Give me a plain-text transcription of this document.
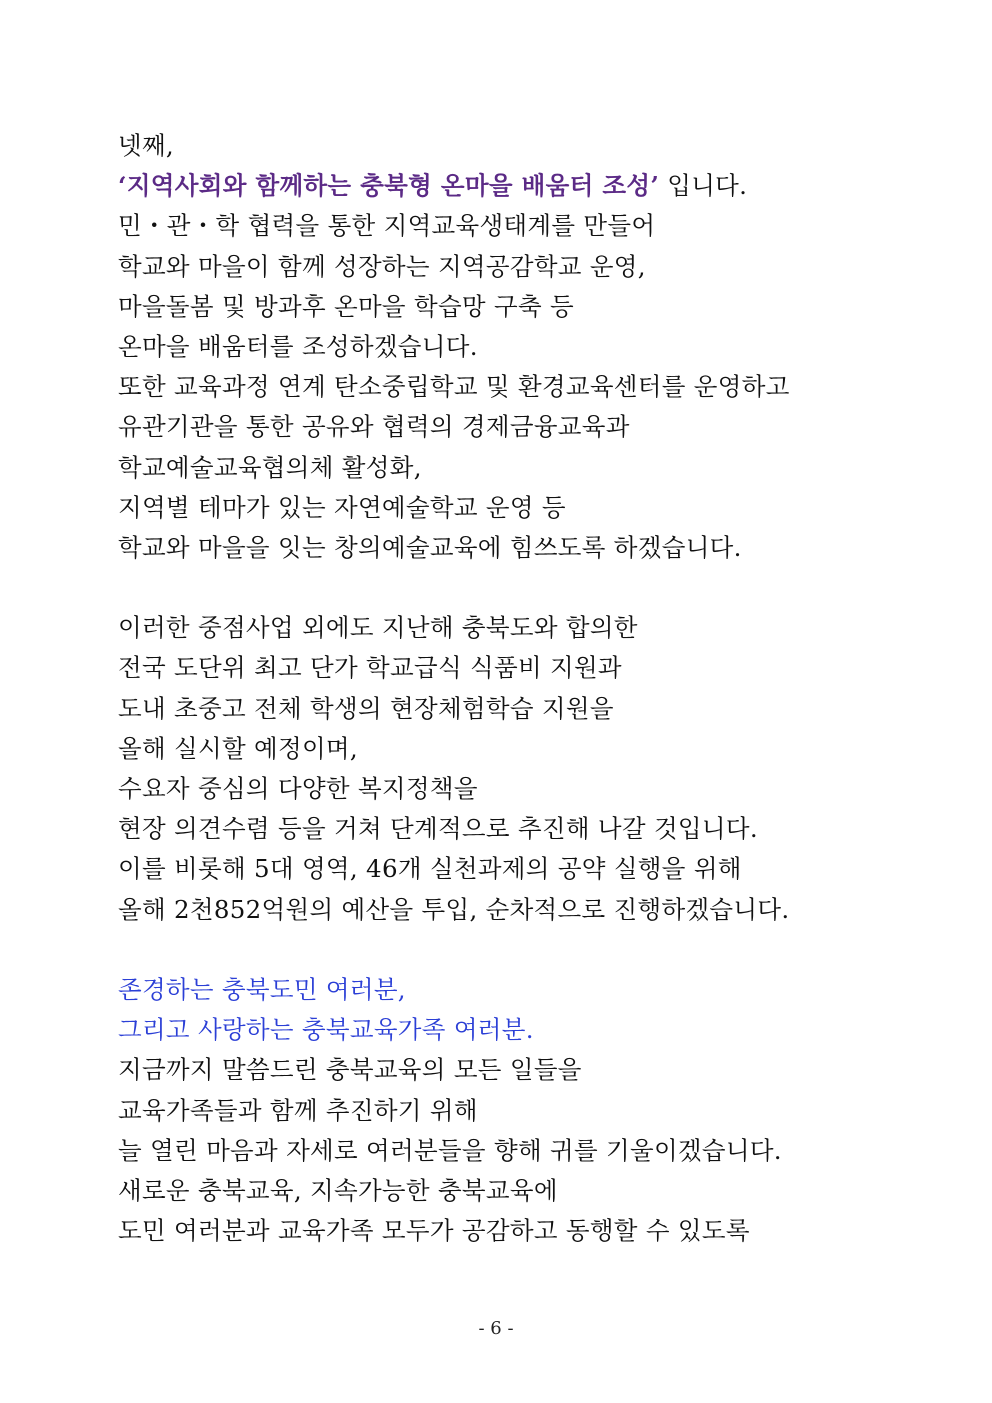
넷째,
‘지역사회와 함께하는 충북형 온마을 배움터 조성’ 입니다.
민・관・학 협력을 통한 지역교육생태계를 만들어
학교와 마을이 함께 성장하는 지역공감학교 운영,
마을돌봄 및 방과후 온마을 학습망 구축 등
온마을 배움터를 조성하겠습니다.
또한 교육과정 연계 탄소중립학교 및 환경교육센터를 운영하고
유관기관을 통한 공유와 협력의 경제금융교육과
학교예술교육협의체 활성화,
지역별 테마가 있는 자연예술학교 운영 등
학교와 마을을 잇는 창의예술교육에 힘쓰도록 하겠습니다.
이러한 중점사업 외에도 지난해 충북도와 합의한
전국 도단위 최고 단가 학교급식 식품비 지원과
도내 초중고 전체 학생의 현장체험학습 지원을
올해 실시할 예정이며,
수요자 중심의 다양한 복지정책을
현장 의견수렴 등을 거쳐 단계적으로 추진해 나갈 것입니다.
이를 비롯해 5대 영역, 46개 실천과제의 공약 실행을 위해
올해 2천852억원의 예산을 투입, 순차적으로 진행하겠습니다.
존경하는 충북도민 여러분,
그리고 사랑하는 충북교육가족 여러분.
지금까지 말씀드린 충북교육의 모든 일들을
교육가족들과 함께 추진하기 위해
늘 열린 마음과 자세로 여러분들을 향해 귀를 기울이겠습니다.
새로운 충북교육, 지속가능한 충북교육에
도민 여러분과 교육가족 모두가 공감하고 동행할 수 있도록
- 6 -
